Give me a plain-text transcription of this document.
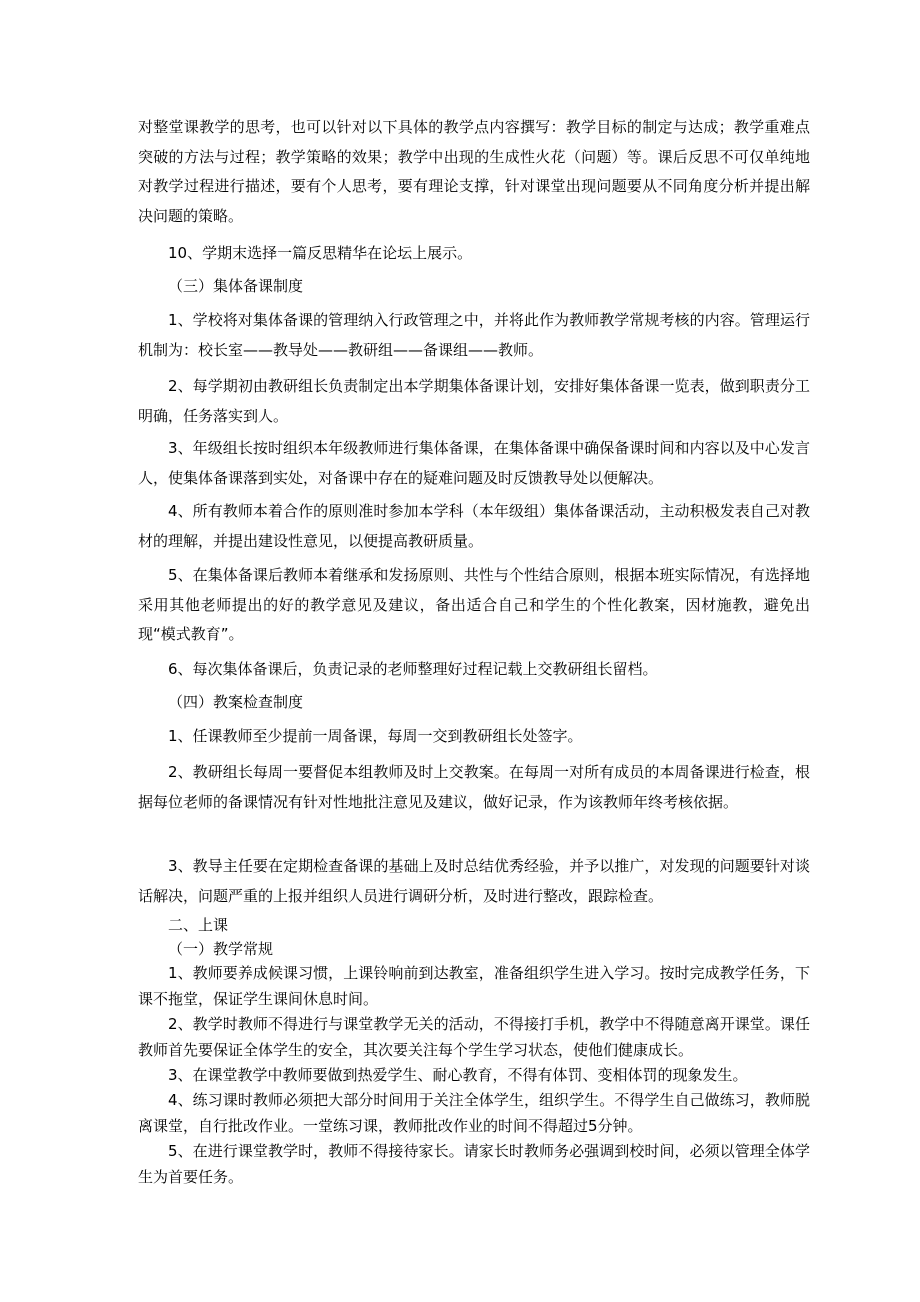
对整堂课教学的思考，也可以针对以下具体的教学点内容撰写：教学目标的制定与达成；教学重难点突破的方法与过程；教学策略的效果；教学中出现的生成性火花（问题）等。课后反思不可仅单纯地对教学过程进行描述，要有个人思考，要有理论支撑，针对课堂出现问题要从不同角度分析并提出解决问题的策略。

10、学期末选择一篇反思精华在论坛上展示。

（三）集体备课制度

1、学校将对集体备课的管理纳入行政管理之中，并将此作为教师教学常规考核的内容。管理运行机制为：校长室——教导处——教研组——备课组——教师。

2、每学期初由教研组长负责制定出本学期集体备课计划，安排好集体备课一览表，做到职责分工明确，任务落实到人。

3、年级组长按时组织本年级教师进行集体备课，在集体备课中确保备课时间和内容以及中心发言人，使集体备课落到实处，对备课中存在的疑难问题及时反馈教导处以便解决。

4、所有教师本着合作的原则准时参加本学科（本年级组）集体备课活动，主动积极发表自己对教材的理解，并提出建设性意见，以便提高教研质量。

5、在集体备课后教师本着继承和发扬原则、共性与个性结合原则，根据本班实际情况，有选择地采用其他老师提出的好的教学意见及建议，备出适合自己和学生的个性化教案，因材施教，避免出现“模式教育”。

6、每次集体备课后，负责记录的老师整理好过程记载上交教研组长留档。

（四）教案检查制度

1、任课教师至少提前一周备课，每周一交到教研组长处签字。

2、教研组长每周一要督促本组教师及时上交教案。在每周一对所有成员的本周备课进行检查，根据每位老师的备课情况有针对性地批注意见及建议，做好记录，作为该教师年终考核依据。

3、教导主任要在定期检查备课的基础上及时总结优秀经验，并予以推广，对发现的问题要针对谈话解决，问题严重的上报并组织人员进行调研分析，及时进行整改，跟踪检查。

二、上课

（一）教学常规

1、教师要养成候课习惯，上课铃响前到达教室，准备组织学生进入学习。按时完成教学任务，下课不拖堂，保证学生课间休息时间。

2、教学时教师不得进行与课堂教学无关的活动，不得接打手机，教学中不得随意离开课堂。课任教师首先要保证全体学生的安全，其次要关注每个学生学习状态，使他们健康成长。

3、在课堂教学中教师要做到热爱学生、耐心教育，不得有体罚、变相体罚的现象发生。

4、练习课时教师必须把大部分时间用于关注全体学生，组织学生。不得学生自己做练习，教师脱离课堂，自行批改作业。一堂练习课，教师批改作业的时间不得超过5分钟。

5、在进行课堂教学时，教师不得接待家长。请家长时教师务必强调到校时间，必须以管理全体学生为首要任务。
